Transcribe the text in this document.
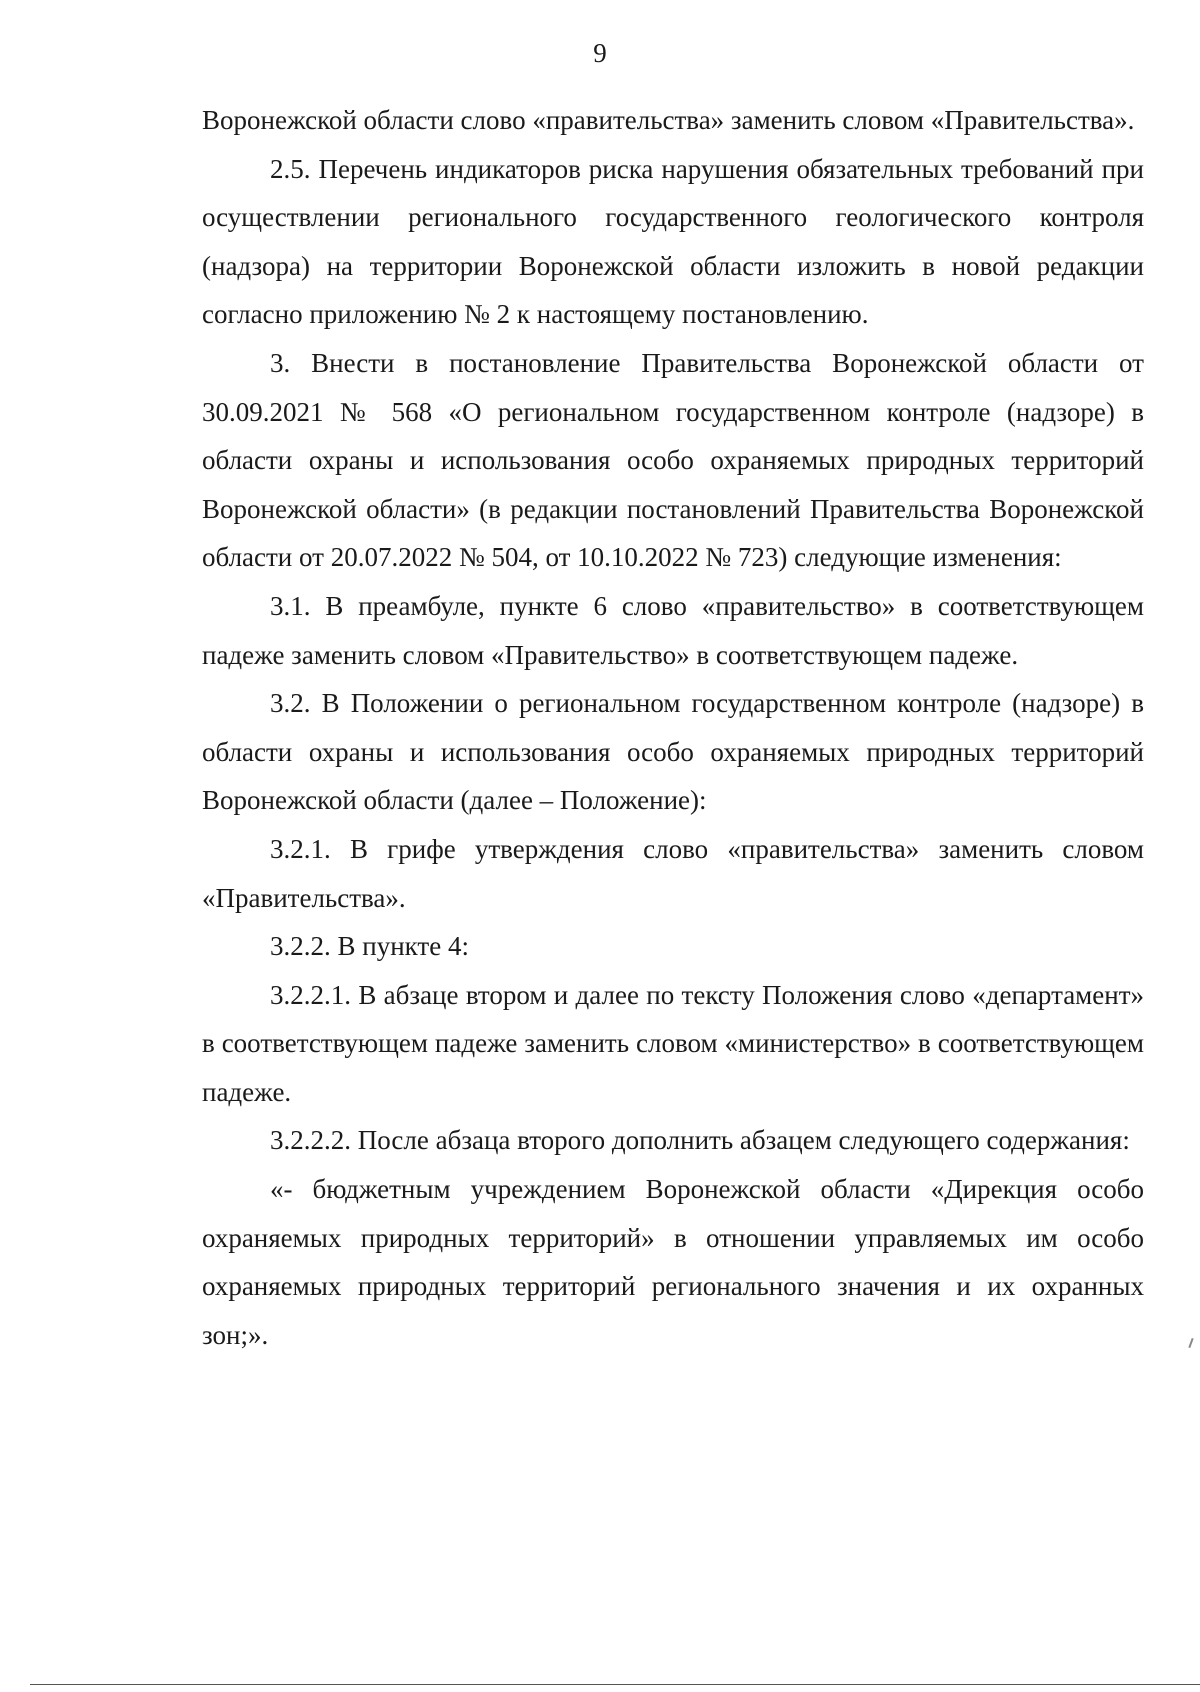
9

Воронежской области слово «правительства» заменить словом «Правительства».

2.5. Перечень индикаторов риска нарушения обязательных требований при осуществлении регионального государственного геологического контроля (надзора) на территории Воронежской области изложить в новой редакции согласно приложению № 2 к настоящему постановлению.

3. Внести в постановление Правительства Воронежской области от 30.09.2021 № 568 «О региональном государственном контроле (надзоре) в области охраны и использования особо охраняемых природных территорий Воронежской области» (в редакции постановлений Правительства Воронежской области от 20.07.2022 № 504, от 10.10.2022 № 723) следующие изменения:

3.1. В преамбуле, пункте 6 слово «правительство» в соответствующем падеже заменить словом «Правительство» в соответствующем падеже.

3.2. В Положении о региональном государственном контроле (надзоре) в области охраны и использования особо охраняемых природных территорий Воронежской области (далее – Положение):

3.2.1. В грифе утверждения слово «правительства» заменить словом «Правительства».

3.2.2. В пункте 4:

3.2.2.1. В абзаце втором и далее по тексту Положения слово «департамент» в соответствующем падеже заменить словом «министерство» в соответствующем падеже.

3.2.2.2. После абзаца второго дополнить абзацем следующего содержания:

«- бюджетным учреждением Воронежской области «Дирекция особо охраняемых природных территорий» в отношении управляемых им особо охраняемых природных территорий регионального значения и их охранных зон;».
